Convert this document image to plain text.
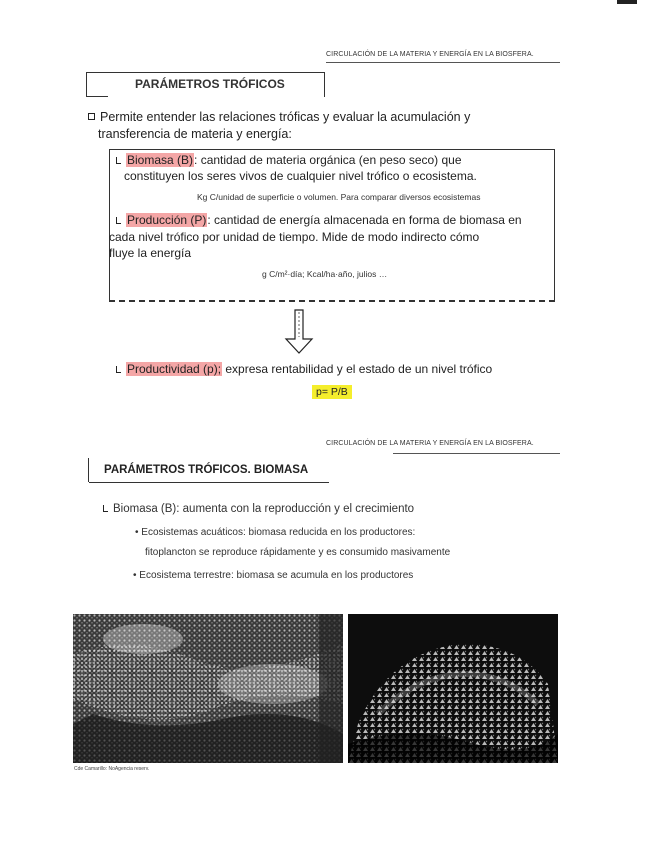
CIRCULACIÓN DE LA MATERIA Y ENERGÍA EN LA BIOSFERA.
PARÁMETROS TRÓFICOS
Permite entender las relaciones tróficas y evaluar la acumulación y
transferencia de materia y energía:
Biomasa (B): cantidad de materia orgánica (en peso seco) que
constituyen los seres vivos de cualquier nivel trófico o ecosistema.
Kg C/unidad de superficie o volumen. Para comparar diversos ecosistemas
Producción (P): cantidad de energía almacenada en forma de biomasa en
cada nivel trófico por unidad de tiempo. Mide de modo indirecto cómo
fluye la energía
g C/m²·día; Kcal/ha·año, julios …
Productividad (p); expresa rentabilidad y el estado de un nivel trófico
p= P/B
CIRCULACIÓN DE LA MATERIA Y ENERGÍA EN LA BIOSFERA.
PARÁMETROS TRÓFICOS. BIOMASA
Biomasa (B): aumenta con la reproducción y el crecimiento
• Ecosistemas acuáticos: biomasa reducida en los productores:
fitoplancton se reproduce rápidamente y es consumido masivamente
• Ecosistema terrestre: biomasa se acumula en los productores
Cde Camarillo: NoAgencia reserv.
